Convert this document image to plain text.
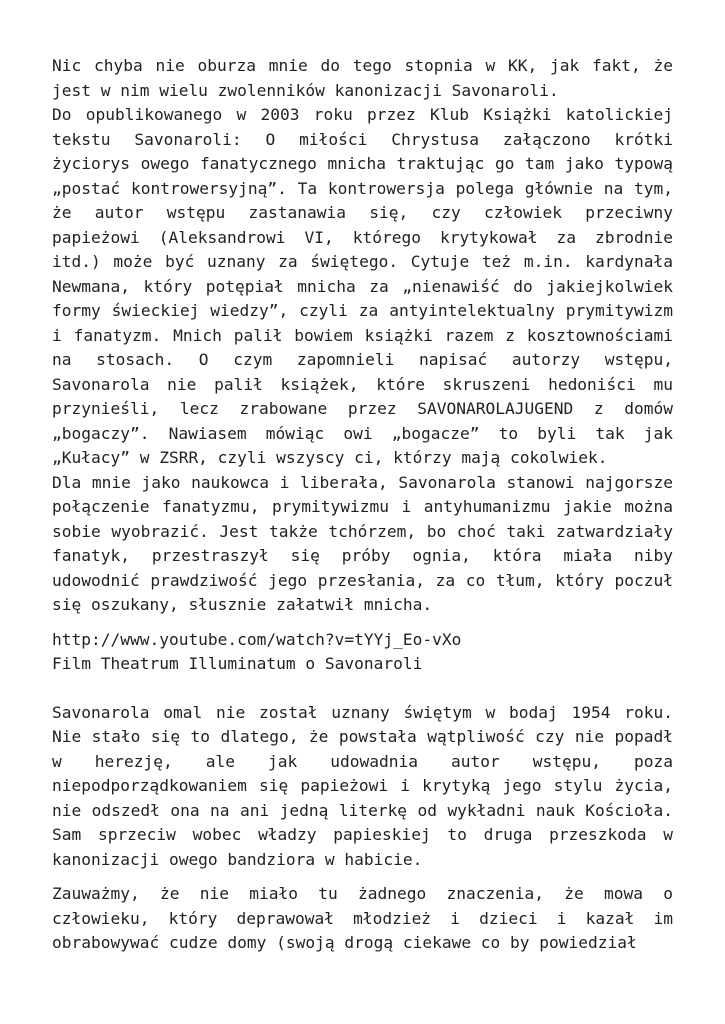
Nic chyba nie oburza mnie do tego stopnia w KK, jak fakt, że jest w nim wielu zwolenników kanonizacji Savonaroli.

Do opublikowanego w 2003 roku przez Klub Książki katolickiej tekstu Savonaroli: O miłości Chrystusa załączono krótki życiorys owego fanatycznego mnicha traktując go tam jako typową „postać kontrowersyjną”. Ta kontrowersja polega głównie na tym, że autor wstępu zastanawia się, czy człowiek przeciwny papieżowi (Aleksandrowi VI, którego krytykował za zbrodnie itd.) może być uznany za świętego. Cytuje też m.in. kardynała Newmana, który potępiał mnicha za „nienawiść do jakiejkolwiek formy świeckiej wiedzy”, czyli za antyintelektualny prymitywizm i fanatyzm. Mnich palił bowiem książki razem z kosztownościami na stosach. O czym zapomnieli napisać autorzy wstępu, Savonarola nie palił książek, które skruszeni hedoniści mu przynieśli, lecz zrabowane przez SAVONAROLAJUGEND z domów „bogaczy”. Nawiasem mówiąc owi „bogacze” to byli tak jak „Kułacy” w ZSRR, czyli wszyscy ci, którzy mają cokolwiek.

Dla mnie jako naukowca i liberała, Savonarola stanowi najgorsze połączenie fanatyzmu, prymitywizmu i antyhumanizmu jakie można sobie wyobrazić. Jest także tchórzem, bo choć taki zatwardziały fanatyk, przestraszył się próby ognia, która miała niby udowodnić prawdziwość jego przesłania, za co tłum, który poczuł się oszukany, słusznie załatwił mnicha.

http://www.youtube.com/watch?v=tYYj_Eo-vXo
Film Theatrum Illuminatum o Savonaroli

Savonarola omal nie został uznany świętym w bodaj 1954 roku. Nie stało się to dlatego, że powstała wątpliwość czy nie popadł w herezję, ale jak udowadnia autor wstępu, poza niepodporządkowaniem się papieżowi i krytyką jego stylu życia, nie odszedł ona na ani jedną literkę od wykładni nauk Kościoła. Sam sprzeciw wobec władzy papieskiej to druga przeszkoda w kanonizacji owego bandziora w habicie.

Zauważmy, że nie miało tu żadnego znaczenia, że mowa o człowieku, który deprawował młodzież i dzieci i kazał im obrabowywać cudze domy (swoją drogą ciekawe co by powiedział
